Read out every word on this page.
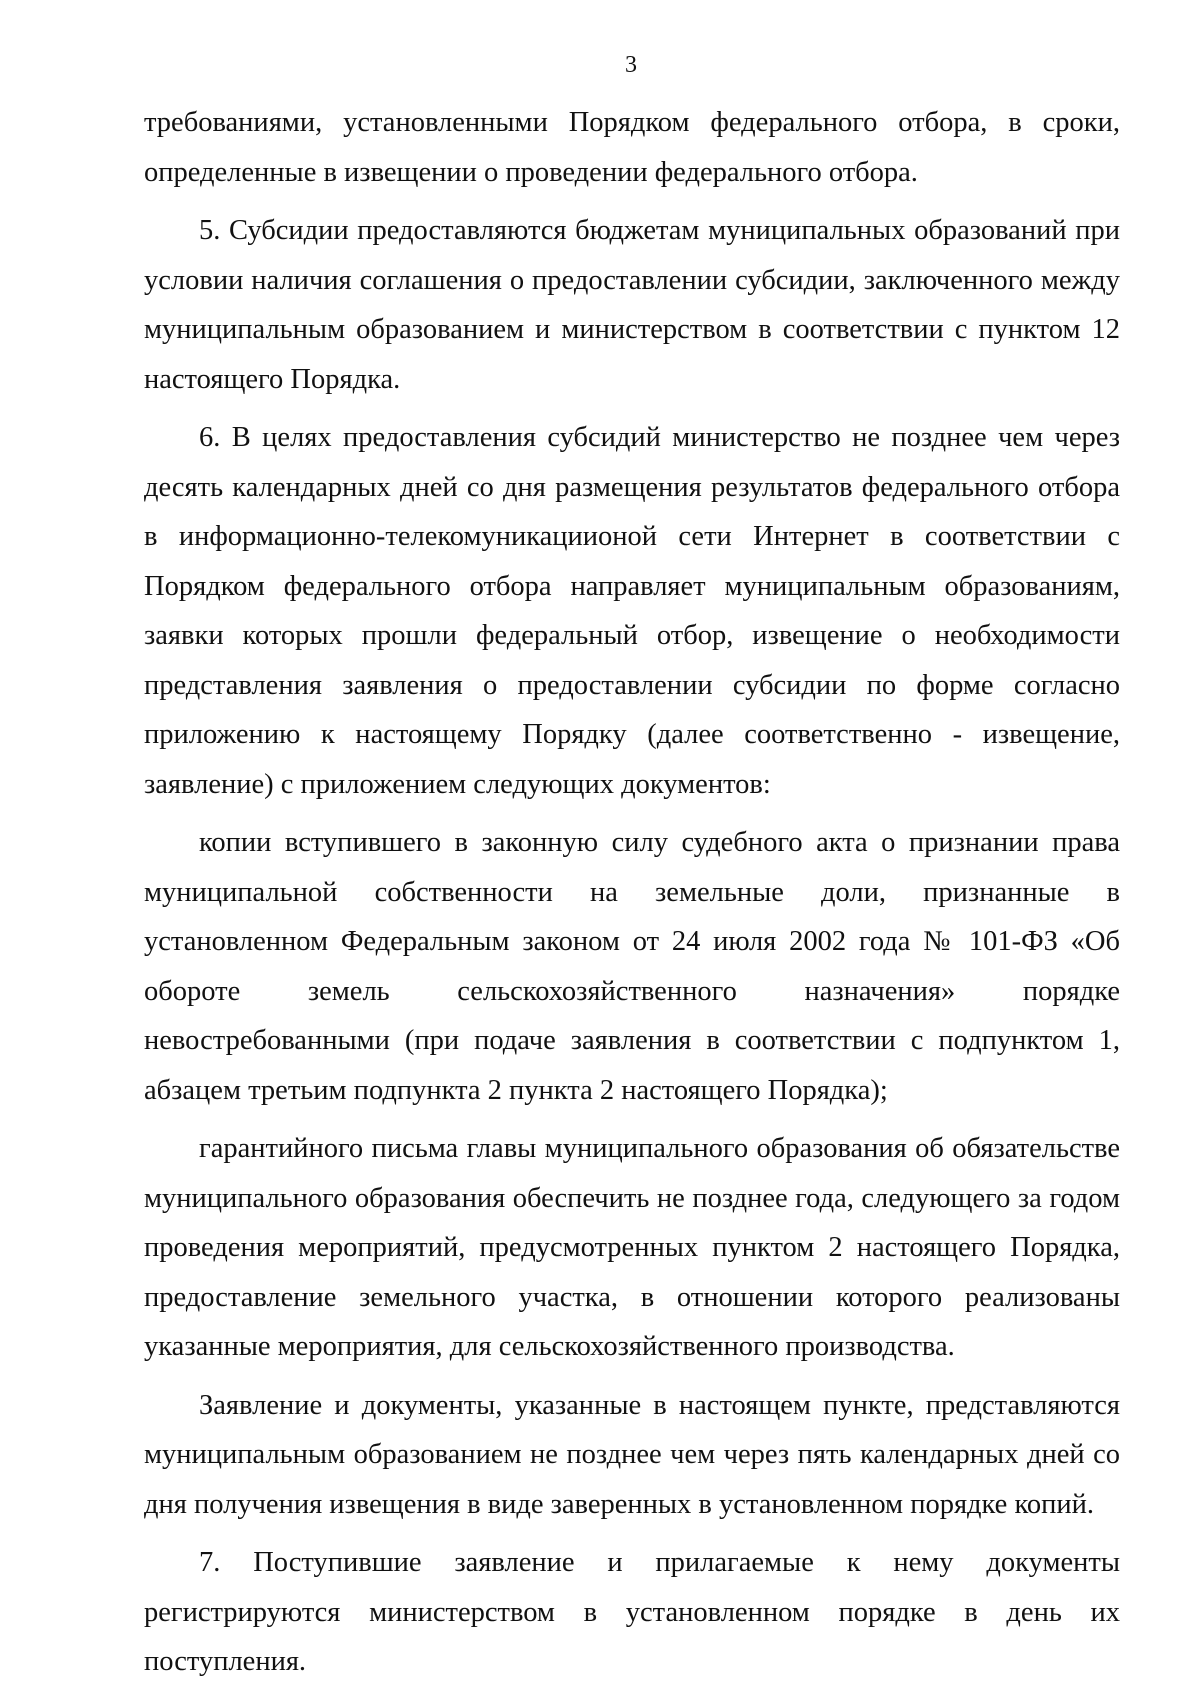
3

требованиями, установленными Порядком федерального отбора, в сроки, определенные в извещении о проведении федерального отбора.

5. Субсидии предоставляются бюджетам муниципальных образований при условии наличия соглашения о предоставлении субсидии, заключенного между муниципальным образованием и министерством в соответствии с пунктом 12 настоящего Порядка.

6. В целях предоставления субсидий министерство не позднее чем через десять календарных дней со дня размещения результатов федерального отбора в информационно-телекомуникациионой сети Интернет в соответствии с Порядком федерального отбора направляет муниципальным образованиям, заявки которых прошли федеральный отбор, извещение о необходимости представления заявления о предоставлении субсидии по форме согласно приложению к настоящему Порядку (далее соответственно - извещение, заявление) с приложением следующих документов:

копии вступившего в законную силу судебного акта о признании права муниципальной собственности на земельные доли, признанные в установленном Федеральным законом от 24 июля 2002 года № 101-ФЗ «Об обороте земель сельскохозяйственного назначения» порядке невостребованными (при подаче заявления в соответствии с подпунктом 1, абзацем третьим подпункта 2 пункта 2 настоящего Порядка);

гарантийного письма главы муниципального образования об обязательстве муниципального образования обеспечить не позднее года, следующего за годом проведения мероприятий, предусмотренных пунктом 2 настоящего Порядка, предоставление земельного участка, в отношении которого реализованы указанные мероприятия, для сельскохозяйственного производства.

Заявление и документы, указанные в настоящем пункте, представляются муниципальным образованием не позднее чем через пять календарных дней со дня получения извещения в виде заверенных в установленном порядке копий.

7. Поступившие заявление и прилагаемые к нему документы регистрируются министерством в установленном порядке в день их поступления.
